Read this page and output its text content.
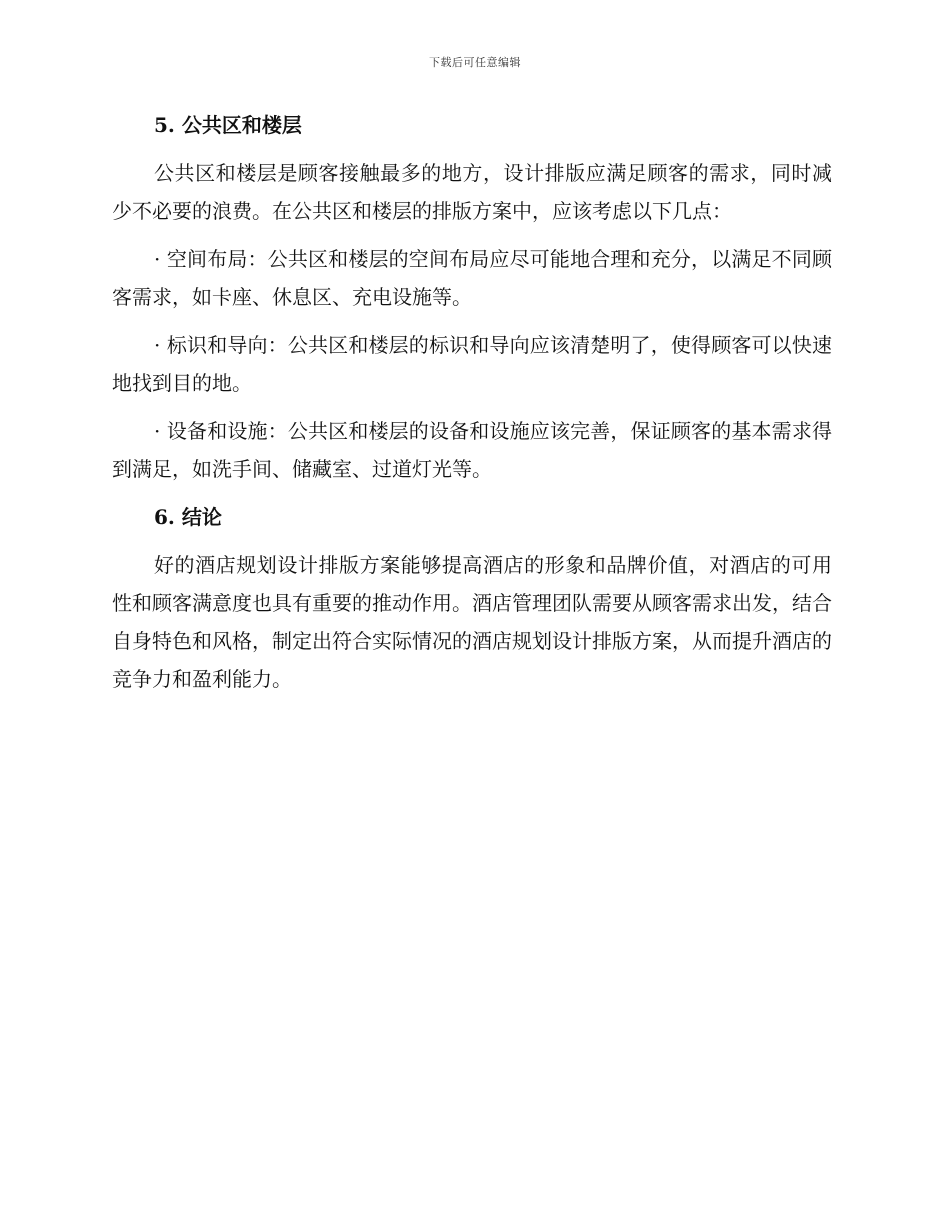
下载后可任意编辑
5. 公共区和楼层

公共区和楼层是顾客接触最多的地方，设计排版应满足顾客的需求，同时减少不必要的浪费。在公共区和楼层的排版方案中，应该考虑以下几点：

· 空间布局：公共区和楼层的空间布局应尽可能地合理和充分，以满足不同顾客需求，如卡座、休息区、充电设施等。

· 标识和导向：公共区和楼层的标识和导向应该清楚明了，使得顾客可以快速地找到目的地。

· 设备和设施：公共区和楼层的设备和设施应该完善，保证顾客的基本需求得到满足，如洗手间、储藏室、过道灯光等。

6. 结论

好的酒店规划设计排版方案能够提高酒店的形象和品牌价值，对酒店的可用性和顾客满意度也具有重要的推动作用。酒店管理团队需要从顾客需求出发，结合自身特色和风格，制定出符合实际情况的酒店规划设计排版方案，从而提升酒店的竞争力和盈利能力。
